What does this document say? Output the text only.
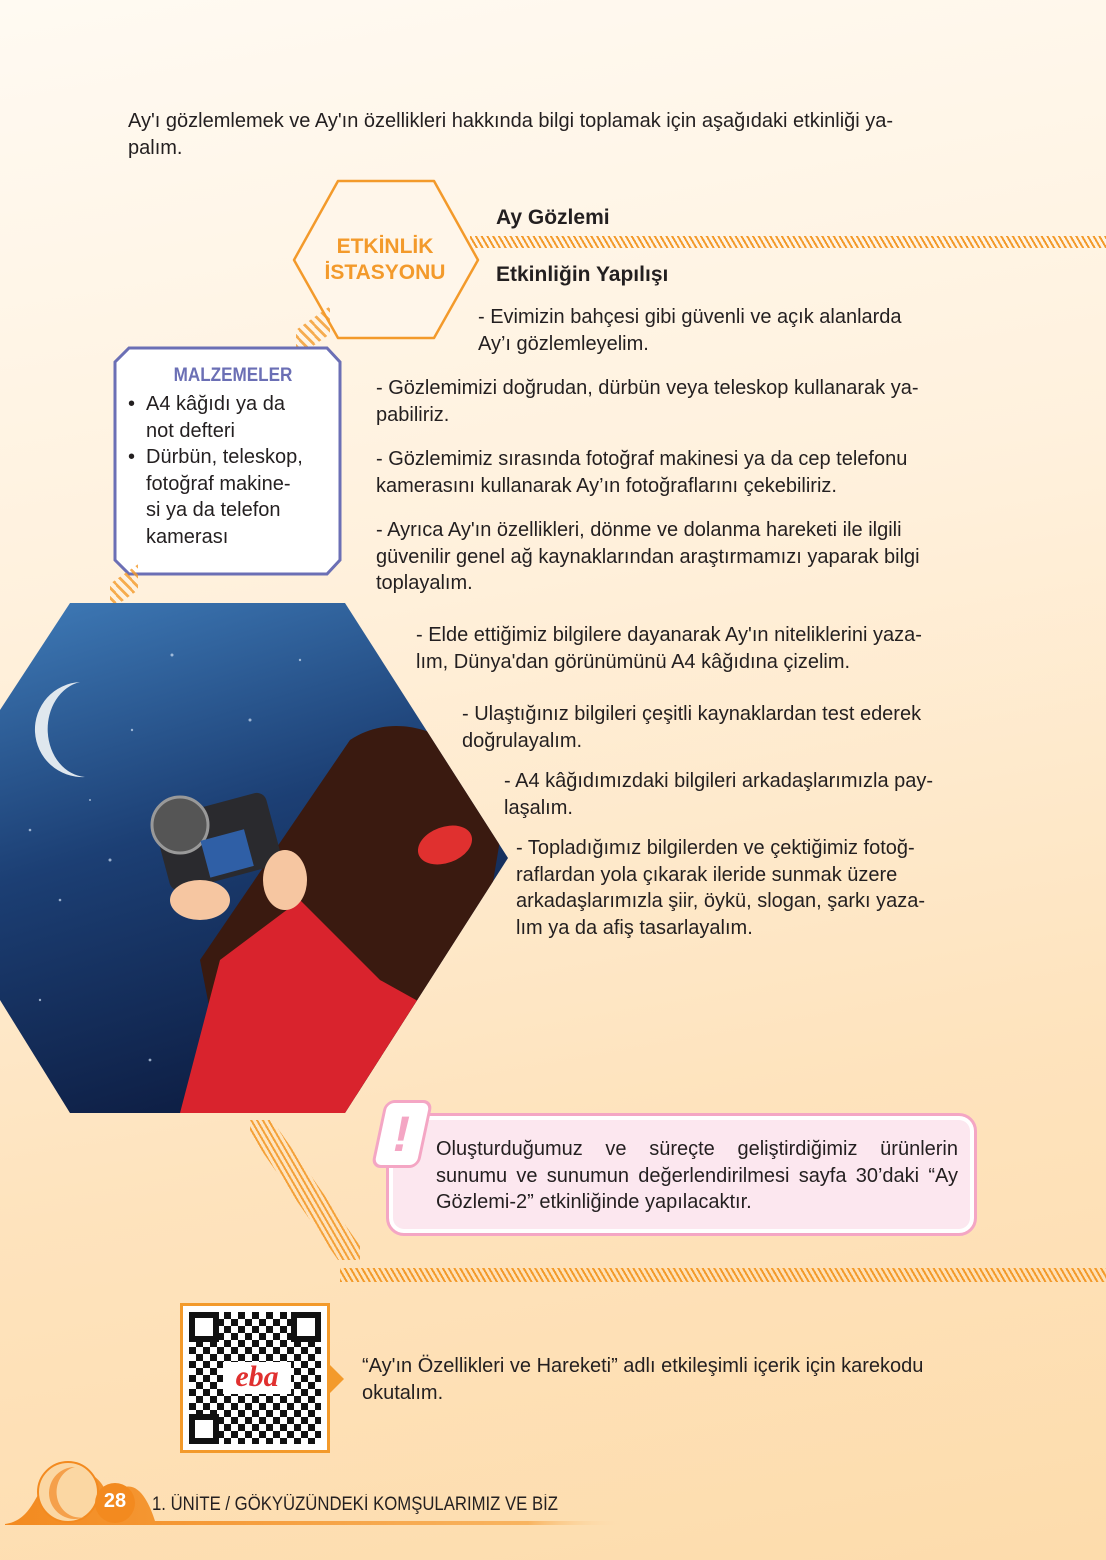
Ay'ı gözlemlemek ve Ay'ın özellikleri hakkında bilgi toplamak için aşağıdaki etkinliği ya-
palım.
ETKİNLİK
İSTASYONU
Ay Gözlemi
Etkinliğin Yapılışı
- Evimizin bahçesi gibi güvenli ve açık alanlarda
Ay’ı gözlemleyelim.
- Gözlemimizi doğrudan, dürbün veya teleskop kullanarak ya-
pabiliriz.
- Gözlemimiz sırasında fotoğraf makinesi ya da cep telefonu
kamerasını kullanarak Ay’ın fotoğraflarını çekebiliriz.
- Ayrıca Ay'ın özellikleri, dönme ve dolanma hareketi ile ilgili
güvenilir genel ağ kaynaklarından araştırmamızı yaparak bilgi
toplayalım.
- Elde ettiğimiz bilgilere dayanarak Ay'ın niteliklerini yaza-
lım, Dünya'dan görünümünü A4 kâğıdına çizelim.
- Ulaştığınız bilgileri çeşitli kaynaklardan test ederek
doğrulayalım.
- A4 kâğıdımızdaki bilgileri arkadaşlarımızla pay-
laşalım.
- Topladığımız bilgilerden ve çektiğimiz fotoğ-
raflardan yola çıkarak ileride sunmak üzere
arkadaşlarımızla şiir, öykü, slogan, şarkı yaza-
lım ya da afiş tasarlayalım.
MALZEMELER
• A4 kâğıdı ya da
not defteri
• Dürbün, teleskop,
fotoğraf makine-
si ya da telefon
kamerası
Oluşturduğumuz ve süreçte geliştirdiğimiz ürünlerin sunumu ve sunumun değerlendirilmesi sayfa 30’daki “Ay Gözlemi-2” etkinliğinde yapılacaktır.
!
eba	“Ay'ın Özellikleri ve Hareketi” adlı etkileşimli içerik için karekodu okutalım.
28 1. ÜNİTE / GÖKYÜZÜNDEKİ KOMŞULARIMIZ VE BİZ
